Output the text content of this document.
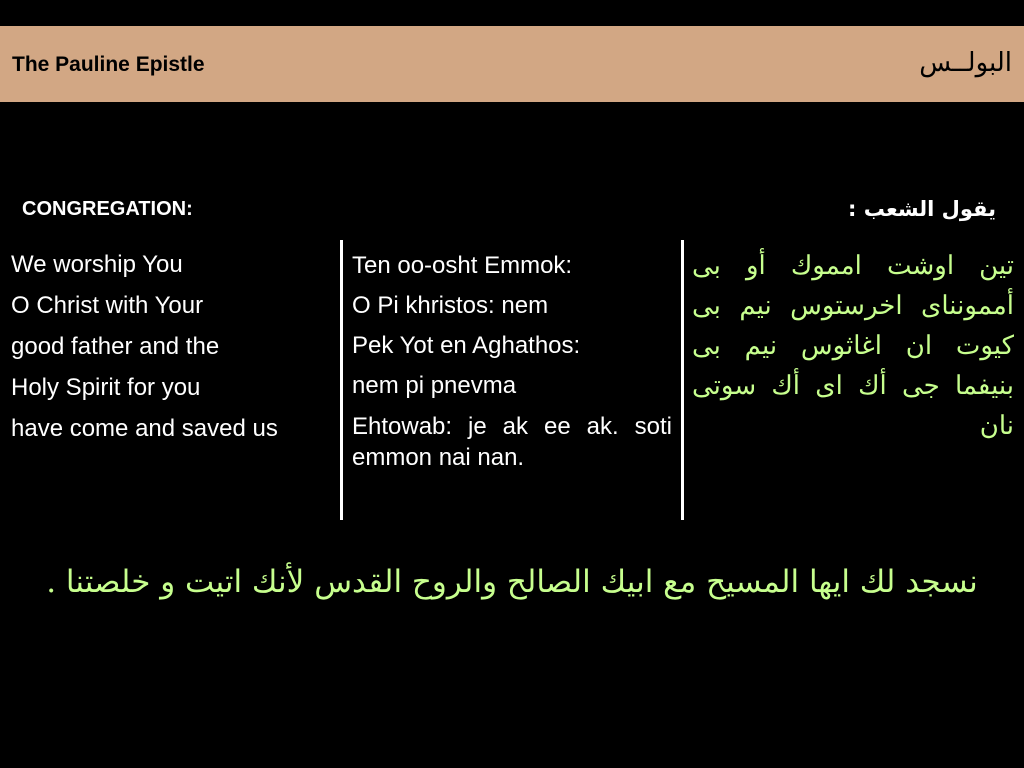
The Pauline Epistle	البولــس
CONGREGATION:	يقول الشعب :
We worship You
O Christ with Your
good father and the
Holy Spirit for you
have come and saved us
Ten oo-osht Emmok:
O Pi khristos: nem
Pek Yot en Aghathos:
nem pi pnevma
Ehtowab: je ak ee ak. soti emmon nai nan.
تين اوشت امموك أو بى أممونناى اخرستوس نيم بى كيوت ان اغاثوس نيم بى بنيفما جى أك اى أك سوتى نان
نسجد لك ايها المسيح مع ابيك الصالح والروح القدس لأنك اتيت و خلصتنا .
